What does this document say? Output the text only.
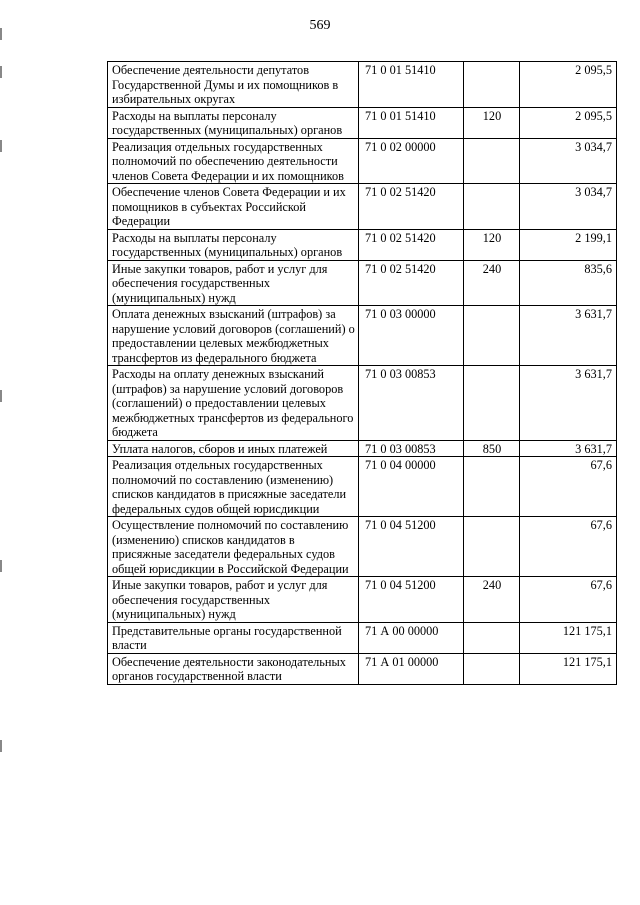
569
Обеспечение деятельности депутатов Государственной Думы и их помощников в избирательных округах	71 0 01 51410		2 095,5
Расходы на выплаты персоналу государственных (муниципальных) органов	71 0 01 51410	120	2 095,5
Реализация отдельных государственных полномочий по обеспечению деятельности членов Совета Федерации и их помощников	71 0 02 00000		3 034,7
Обеспечение членов Совета Федерации и их помощников в субъектах Российской Федерации	71 0 02 51420		3 034,7
Расходы на выплаты персоналу государственных (муниципальных) органов	71 0 02 51420	120	2 199,1
Иные закупки товаров, работ и услуг для обеспечения государственных (муниципальных) нужд	71 0 02 51420	240	835,6
Оплата денежных взысканий (штрафов) за нарушение условий договоров (соглашений) о предоставлении целевых межбюджетных трансфертов из федерального бюджета	71 0 03 00000		3 631,7
Расходы на оплату денежных взысканий (штрафов) за нарушение условий договоров (соглашений) о предоставлении целевых межбюджетных трансфертов из федерального бюджета	71 0 03 00853		3 631,7
Уплата налогов, сборов и иных платежей	71 0 03 00853	850	3 631,7
Реализация отдельных государственных полномочий по составлению (изменению) списков кандидатов в присяжные заседатели федеральных судов общей юрисдикции	71 0 04 00000		67,6
Осуществление полномочий по составлению (изменению) списков кандидатов в присяжные заседатели федеральных судов общей юрисдикции в Российской Федерации	71 0 04 51200		67,6
Иные закупки товаров, работ и услуг для обеспечения государственных (муниципальных) нужд	71 0 04 51200	240	67,6
Представительные органы государственной власти	71 А 00 00000		121 175,1
Обеспечение деятельности законодательных органов государственной власти	71 А 01 00000		121 175,1
